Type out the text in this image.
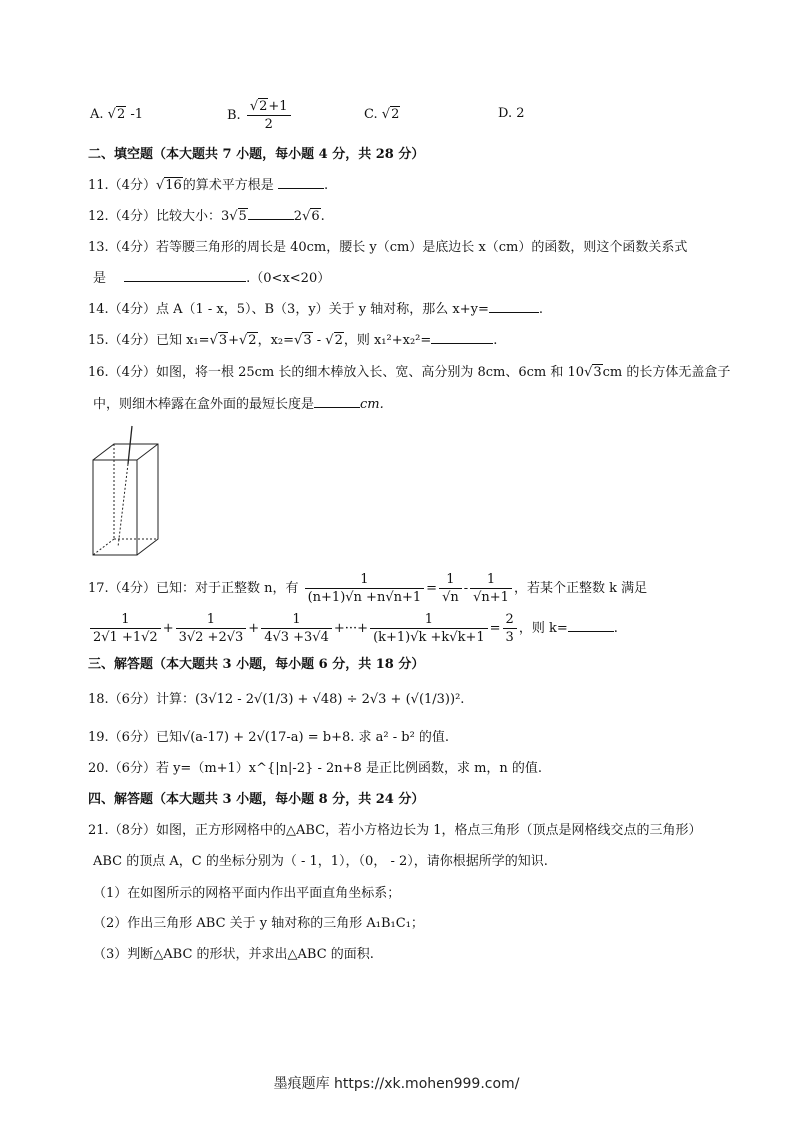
A. √2 -1	B. $\frac{√2+1}{2}$	C. √2	D. 2
二、填空题（本大题共 7 小题，每小题 4 分，共 28 分）
11.（4分）√16的算术平方根是	.
12.（4分）比较大小：3√5	2√6.
13.（4分）若等腰三角形的周长是 40cm，腰长 y（cm）是底边长 x（cm）的函数，则这个函数关系式
是	.（0<x<20）
14.（4分）点 A（1 - x，5）、B（3，y）关于 y 轴对称，那么 x+y=	.
15.（4分）已知 x₁=√3+√2，x₂=√3 - √2，则 x₁²+x₂²=	.
16.（4分）如图，将一根 25cm 长的细木棒放入长、宽、高分别为 8cm、6cm 和 10√3cm 的长方体无盖盒子
中，则细木棒露在盒外面的最短长度是	cm.
17.（4分）已知：对于正整数 n，有 $\frac{1}{(n+1)√n +n√n+1} = \frac{1}{√n} - \frac{1}{√n+1}$ ，若某个正整数 k 满足
$\frac{1}{2√1 +1√2} + \frac{1}{3√2 +2√3} + \frac{1}{4√3 +3√4}$ +···+ $\frac{1}{(k+1)√k +k√k+1} = \frac{2}{3}$ ，则 k=	.
三、解答题（本大题共 3 小题，每小题 6 分，共 18 分）
18.（6分）计算：(3√12 - 2√(1/3) + √48) ÷ 2√3 + (√(1/3))².
19.（6分）已知√(a-17) + 2√(17-a) = b+8. 求 a² - b² 的值.
20.（6分）若 y=（m+1）x^{|n|-2} - 2n+8 是正比例函数，求 m，n 的值.
四、解答题（本大题共 3 小题，每小题 8 分，共 24 分）
21.（8分）如图，正方形网格中的△ABC，若小方格边长为 1，格点三角形（顶点是网格线交点的三角形）
ABC 的顶点 A，C 的坐标分别为（ - 1，1），（0， - 2），请你根据所学的知识.
（1）在如图所示的网格平面内作出平面直角坐标系；
（2）作出三角形 ABC 关于 y 轴对称的三角形 A₁B₁C₁；
（3）判断△ABC 的形状，并求出△ABC 的面积.
墨痕题库 https://xk.mohen999.com/
